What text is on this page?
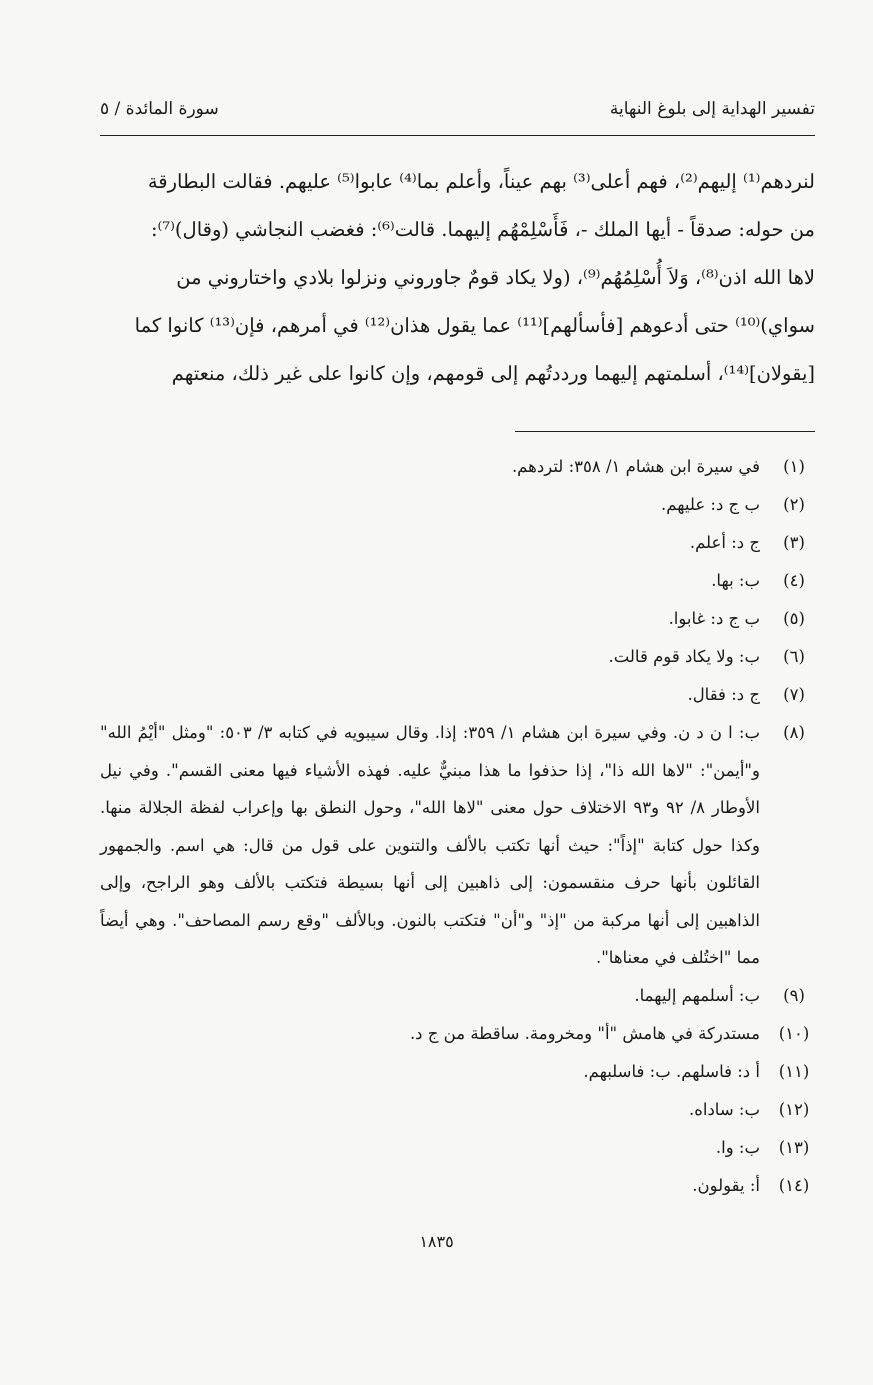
تفسير الهداية إلى بلوغ النهاية
سورة المائدة / ٥

لنردهم⁽¹⁾ إليهم⁽²⁾، فهم أعلى⁽³⁾ بهم عيناً، وأعلم بما⁽⁴⁾ عابوا⁽⁵⁾ عليهم. فقالت البطارقة

من حوله: صدقاً - أيها الملك -، فَأَسْلِمْهُم إليهما. قالت⁽⁶⁾: فغضب النجاشي (وقال)⁽⁷⁾:

لاها الله اذن⁽⁸⁾، وَلاَ أُسْلِمُهُم⁽⁹⁾، (ولا يكاد قومٌ جاوروني ونزلوا بلادي واختاروني من

سواي)⁽¹⁰⁾ حتى أدعوهم [فأسألهم]⁽¹¹⁾ عما يقول هذان⁽¹²⁾ في أمرهم، فإن⁽¹³⁾ كانوا كما

[يقولان]⁽¹⁴⁾، أسلمتهم إليهما ورددتُهم إلى قومهم، وإن كانوا على غير ذلك، منعتهم

(١)
في سيرة ابن هشام ١/ ٣٥٨: لتردهم.
(٢)
ب ج د: عليهم.
(٣)
ج د: أعلم.
(٤)
ب: بها.
(٥)
ب ج د: غابوا.
(٦)
ب: ولا يكاد قوم قالت.
(٧)
ج د: فقال.
(٨)
ب: ا ن د ن. وفي سيرة ابن هشام ١/ ٣٥٩: إذا. وقال سيبويه في كتابه ٣/ ٥٠٣: "ومثل "أيْمُ الله" و"أيمن": "لاها الله ذا"، إذا حذفوا ما هذا مبنيٌّ عليه. فهذه الأشياء فيها معنى القسم". وفي نيل الأوطار ٨/ ٩٢ و٩٣ الاختلاف حول معنى "لاها الله"، وحول النطق بها وإعراب لفظة الجلالة منها. وكذا حول كتابة "إذاً": حيث أنها تكتب بالألف والتنوين على قول من قال: هي اسم. والجمهور القائلون بأنها حرف منقسمون: إلى ذاهبين إلى أنها بسيطة فتكتب بالألف وهو الراجح، وإلى الذاهبين إلى أنها مركبة من "إذ" و"أن" فتكتب بالنون. وبالألف "وقع رسم المصاحف". وهي أيضاً مما "اختُلف في معناها".
(٩)
ب: أسلمهم إليهما.
(١٠)
مستدركة في هامش "أ" ومخرومة. ساقطة من ج د.
(١١)
أ د: فاسلهم. ب: فاسلبهم.
(١٢)
ب: ساداه.
(١٣)
ب: وا.
(١٤)
أ: يقولون.
١٨٣٥
